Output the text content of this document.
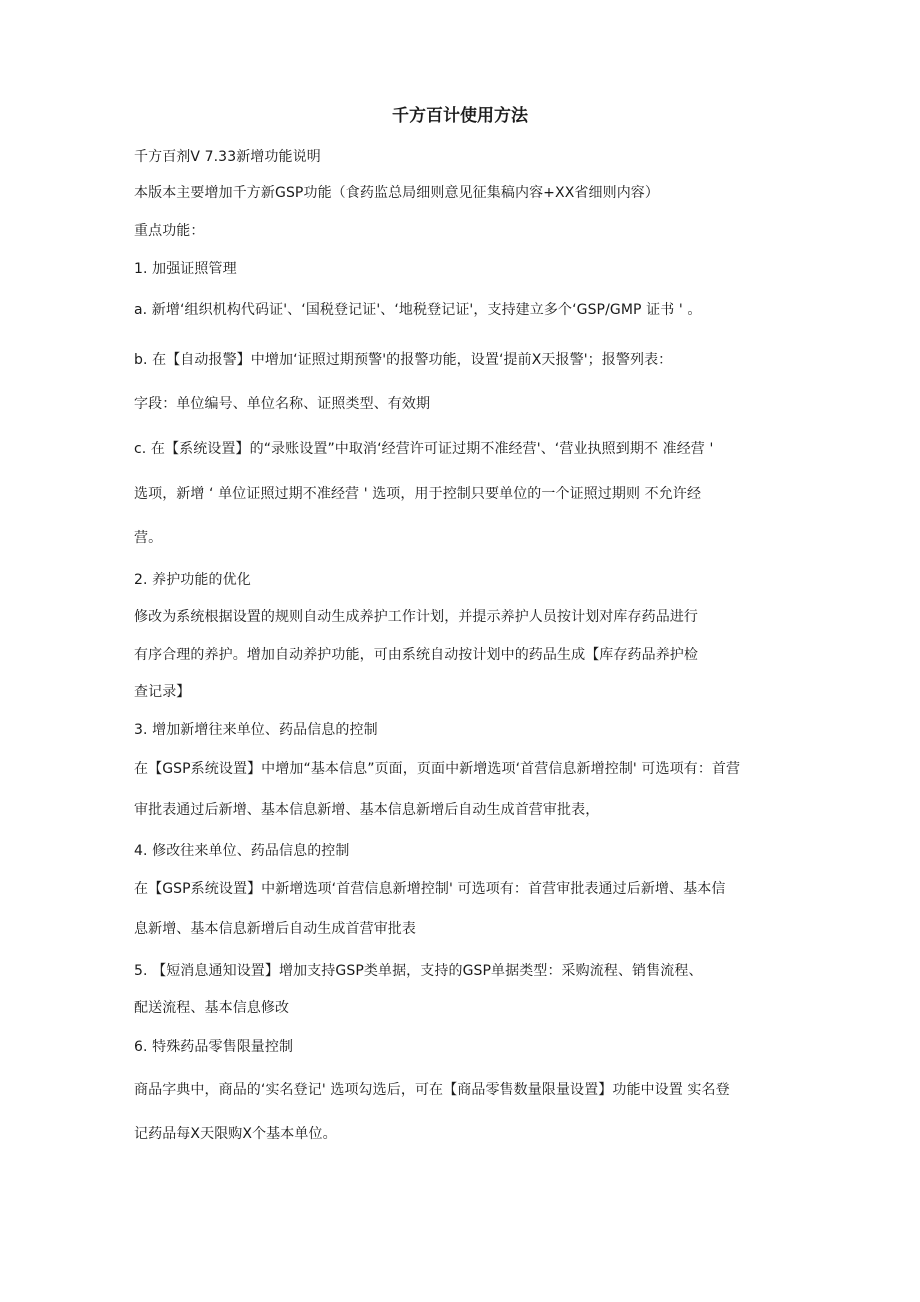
千方百计使用方法
千方百剂V 7.33新增功能说明
本版本主要增加千方新GSP功能（食药监总局细则意见征集稿内容+XX省细则内容）
重点功能：
1. 加强证照管理
a. 新增‘组织机构代码证'、‘国税登记证'、‘地税登记证'，支持建立多个‘GSP/GMP 证书 ' 。
b. 在【自动报警】中增加‘证照过期预警'的报警功能，设置‘提前X天报警'；报警列表：
字段：单位编号、单位名称、证照类型、有效期
c. 在【系统设置】的“录账设置”中取消‘经营许可证过期不准经营'、‘营业执照到期不 准经营 '
选项，新增 ‘ 单位证照过期不准经营 ' 选项，用于控制只要单位的一个证照过期则 不允许经
营。
2. 养护功能的优化
修改为系统根据设置的规则自动生成养护工作计划，并提示养护人员按计划对库存药品进行
有序合理的养护。增加自动养护功能，可由系统自动按计划中的药品生成【库存药品养护检
查记录】
3. 增加新增往来单位、药品信息的控制
在【GSP系统设置】中增加“基本信息”页面，页面中新增选项‘首营信息新增控制' 可选项有：首营
审批表通过后新增、基本信息新增、基本信息新增后自动生成首营审批表，
4. 修改往来单位、药品信息的控制
在【GSP系统设置】中新增选项‘首营信息新增控制' 可选项有：首营审批表通过后新增、基本信
息新增、基本信息新增后自动生成首营审批表
5. 【短消息通知设置】增加支持GSP类单据，支持的GSP单据类型：采购流程、销售流程、
配送流程、基本信息修改
6. 特殊药品零售限量控制
商品字典中，商品的‘实名登记' 选项勾选后，可在【商品零售数量限量设置】功能中设置 实名登
记药品每X天限购X个基本单位。
